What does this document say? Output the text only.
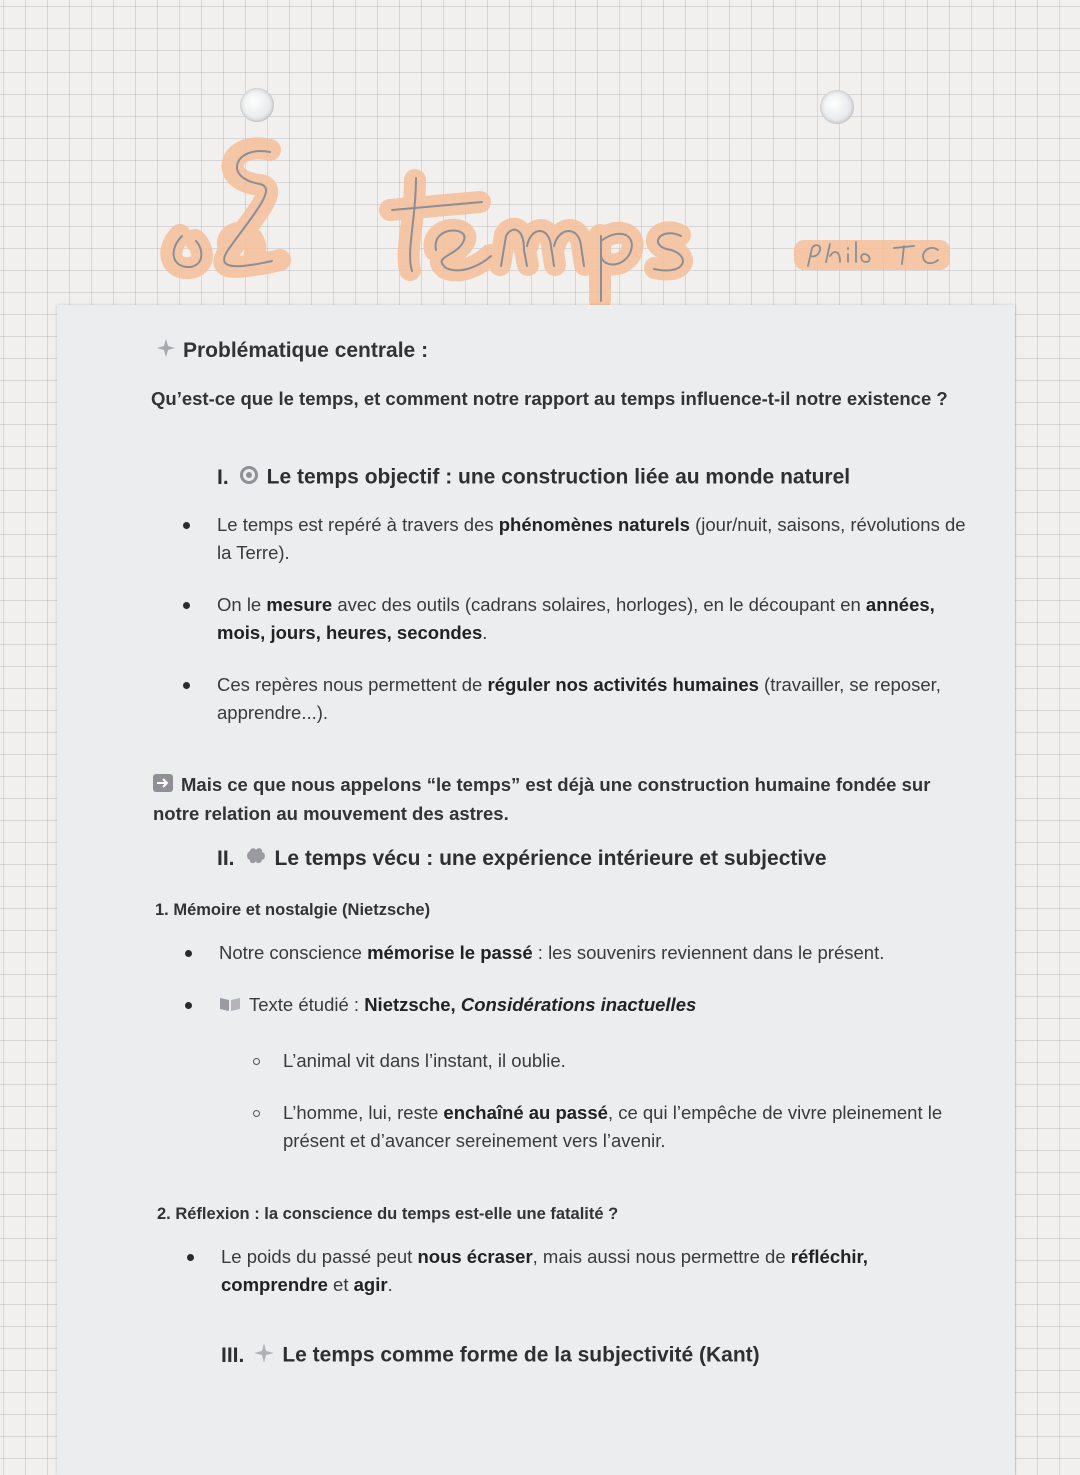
Problématique centrale :
Qu’est-ce que le temps, et comment notre rapport au temps influence-t-il notre existence ?
I. Le temps objectif : une construction liée au monde naturel
Le temps est repéré à travers des phénomènes naturels (jour/nuit, saisons, révolutions de la Terre).
On le mesure avec des outils (cadrans solaires, horloges), en le découpant en années, mois, jours, heures, secondes.
Ces repères nous permettent de réguler nos activités humaines (travailler, se reposer, apprendre...).
Mais ce que nous appelons “le temps” est déjà une construction humaine fondée sur notre relation au mouvement des astres.
II. Le temps vécu : une expérience intérieure et subjective
1. Mémoire et nostalgie (Nietzsche)
Notre conscience mémorise le passé : les souvenirs reviennent dans le présent.
Texte étudié : Nietzsche, Considérations inactuelles
L’animal vit dans l’instant, il oublie.
L’homme, lui, reste enchaîné au passé, ce qui l’empêche de vivre pleinement le présent et d’avancer sereinement vers l’avenir.
2. Réflexion : la conscience du temps est-elle une fatalité ?
Le poids du passé peut nous écraser, mais aussi nous permettre de réfléchir, comprendre et agir.
III. Le temps comme forme de la subjectivité (Kant)
